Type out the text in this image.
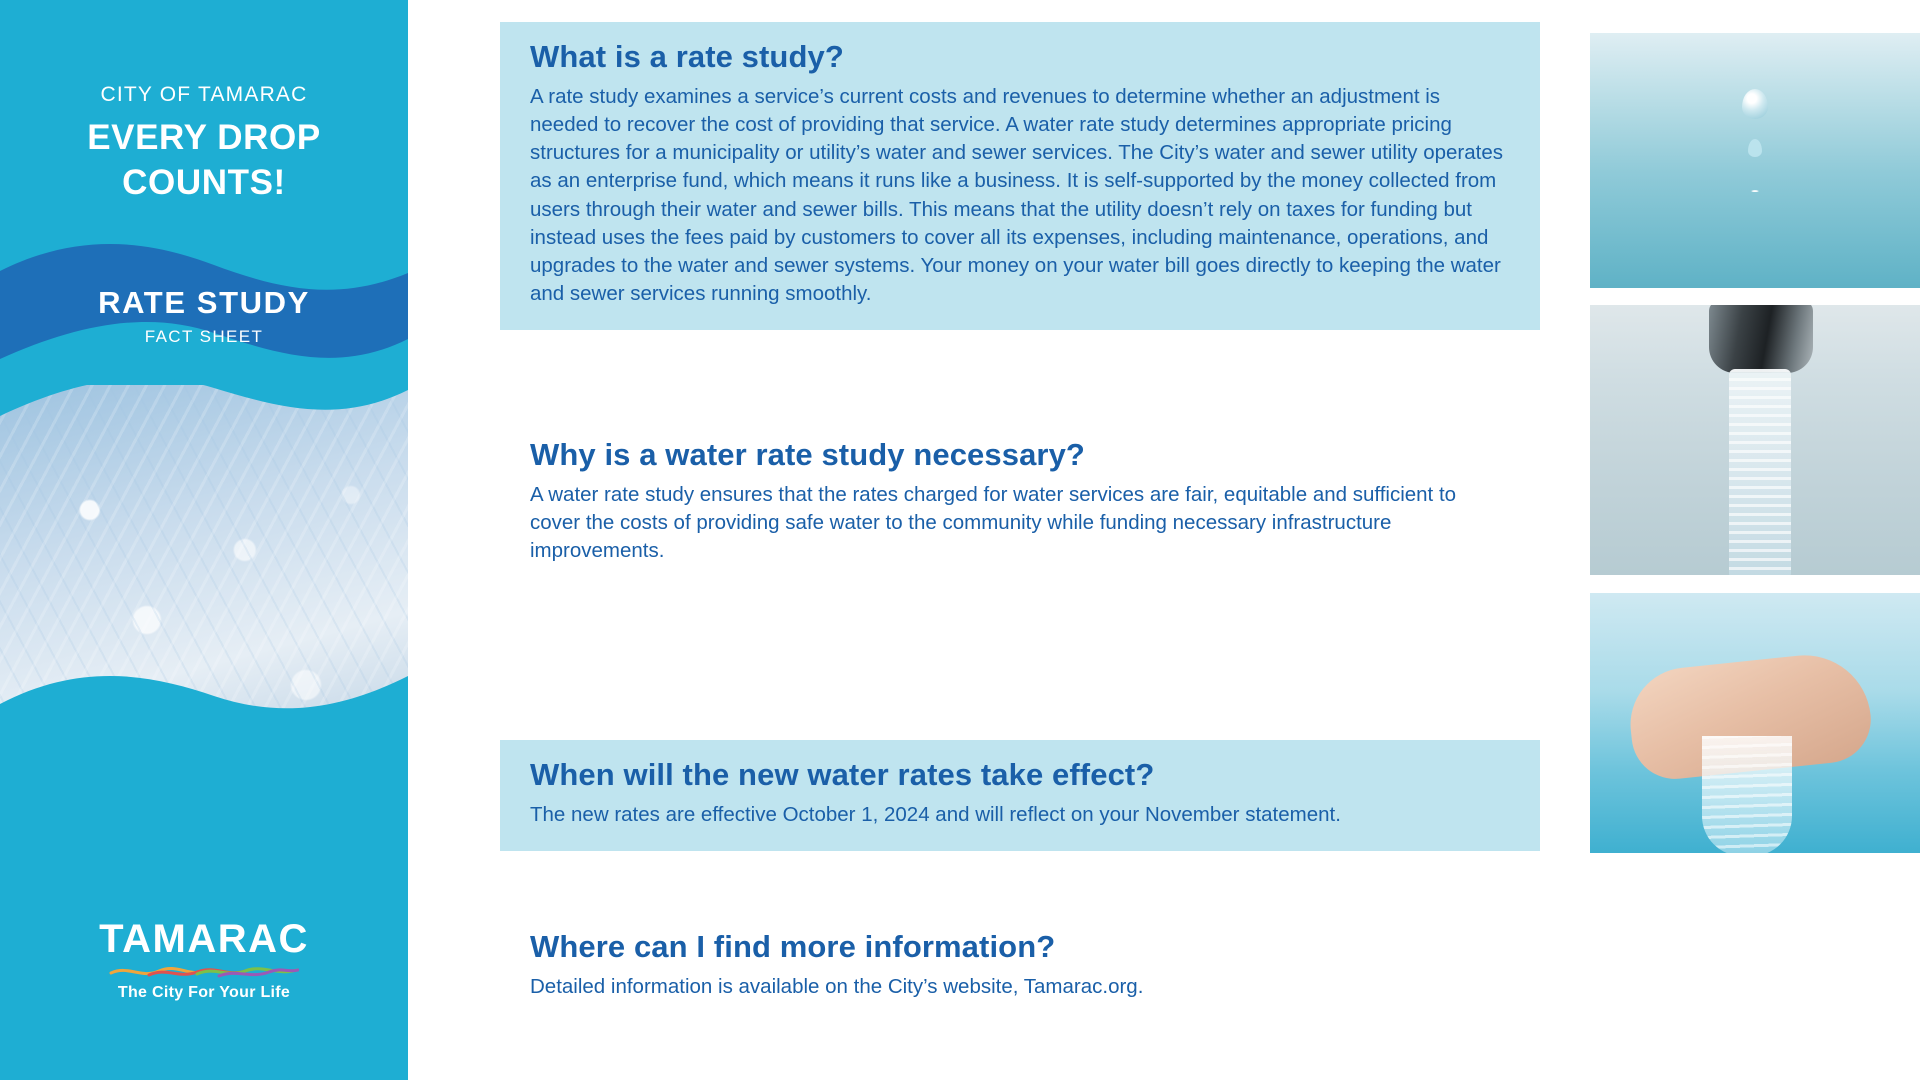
CITY OF TAMARAC
EVERY DROP
COUNTS!
RATE STUDY
FACT SHEET
TAMARAC
The City For Your Life
What is a rate study?

A rate study examines a service’s current costs and revenues to determine whether an adjustment is needed to recover the cost of providing that service. A water rate study determines appropriate pricing structures for a municipality or utility’s water and sewer services. The City’s water and sewer utility operates as an enterprise fund, which means it runs like a business. It is self-supported by the money collected from users through their water and sewer bills. This means that the utility doesn’t rely on taxes for funding but instead uses the fees paid by customers to cover all its expenses, including maintenance, operations, and upgrades to the water and sewer systems. Your money on your water bill goes directly to keeping the water and sewer services running smoothly.

Why is a water rate study necessary?

A water rate study ensures that the rates charged for water services are fair, equitable and sufficient to cover the costs of providing safe water to the community while funding necessary infrastructure improvements.

When will the new water rates take effect?

The new rates are effective October 1, 2024 and will reflect on your November statement.

Where can I find more information?

Detailed information is available on the City’s website, Tamarac.org.
